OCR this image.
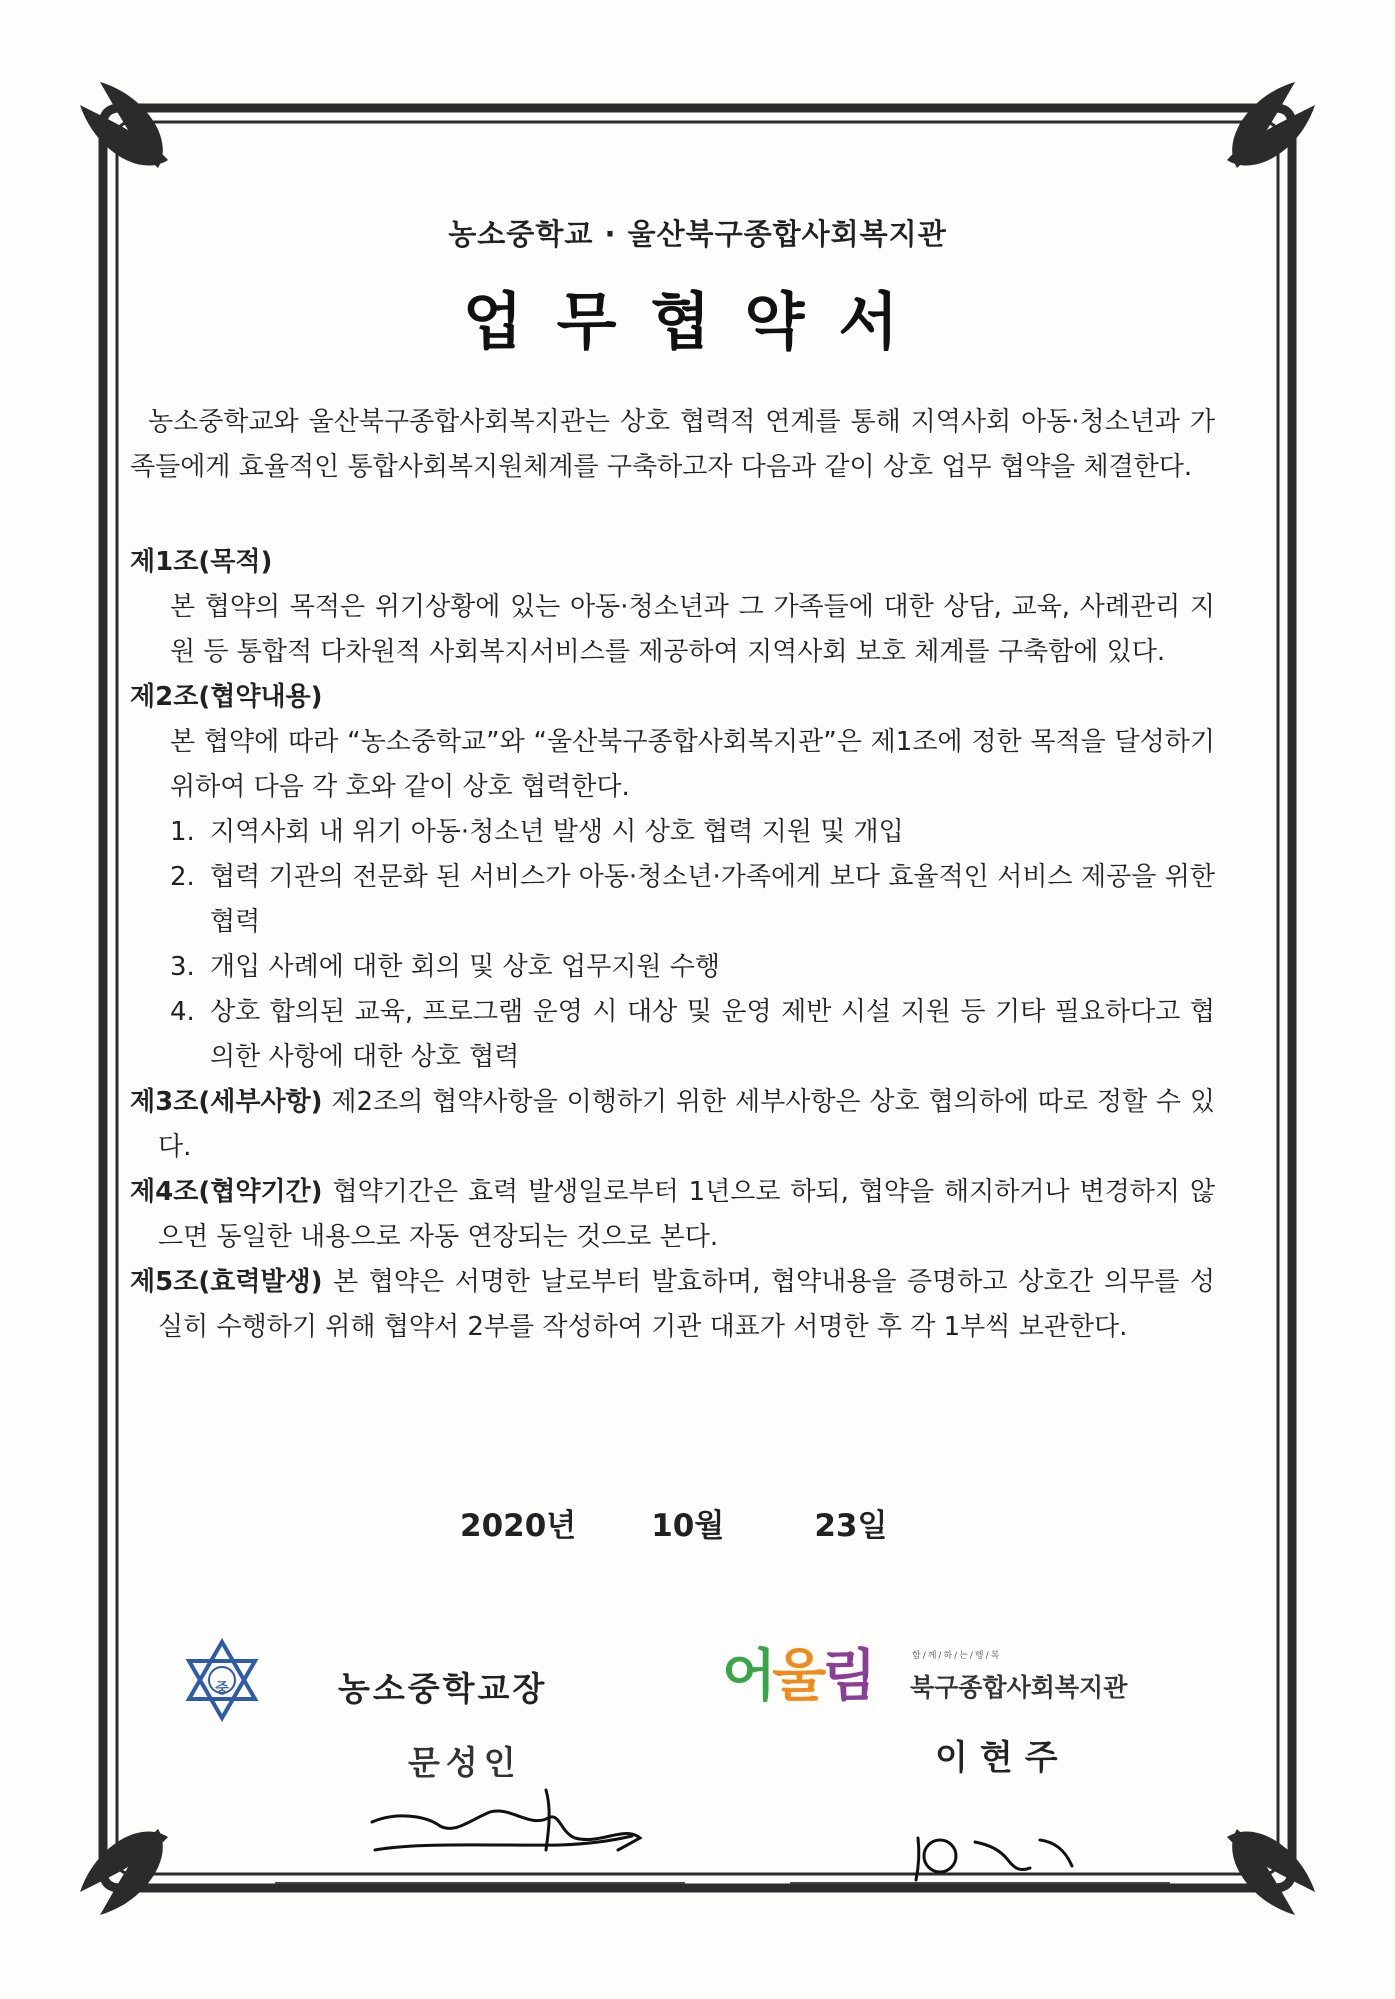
농소중학교 · 울산북구종합사회복지관
업무협약서
농소중학교와 울산북구종합사회복지관는 상호 협력적 연계를 통해 지역사회 아동·청소년과 가족들에게 효율적인 통합사회복지원체계를 구축하고자 다음과 같이 상호 업무 협약을 체결한다.
제1조(목적)
본 협약의 목적은 위기상황에 있는 아동·청소년과 그 가족들에 대한 상담, 교육, 사례관리 지원 등 통합적 다차원적 사회복지서비스를 제공하여 지역사회 보호 체계를 구축함에 있다.
제2조(협약내용)
본 협약에 따라 “농소중학교”와 “울산북구종합사회복지관”은 제1조에 정한 목적을 달성하기 위하여 다음 각 호와 같이 상호 협력한다.
1. 지역사회 내 위기 아동·청소년 발생 시 상호 협력 지원 및 개입
2. 협력 기관의 전문화 된 서비스가 아동·청소년·가족에게 보다 효율적인 서비스 제공을 위한 협력
3. 개입 사례에 대한 회의 및 상호 업무지원 수행
4. 상호 합의된 교육, 프로그램 운영 시 대상 및 운영 제반 시설 지원 등 기타 필요하다고 협의한 사항에 대한 상호 협력
제3조(세부사항) 제2조의 협약사항을 이행하기 위한 세부사항은 상호 협의하에 따로 정할 수 있다.
제4조(협약기간) 협약기간은 효력 발생일로부터 1년으로 하되, 협약을 해지하거나 변경하지 않으면 동일한 내용으로 자동 연장되는 것으로 본다.
제5조(효력발생) 본 협약은 서명한 날로부터 발효하며, 협약내용을 증명하고 상호간 의무를 성실히 수행하기 위해 협약서 2부를 작성하여 기관 대표가 서명한 후 각 1부씩 보관한다.
2020년 10월	23일
중	농소중학교장
문성인
어울림	함/께/하/는/행/복
북구종합사회복지관
이현주
